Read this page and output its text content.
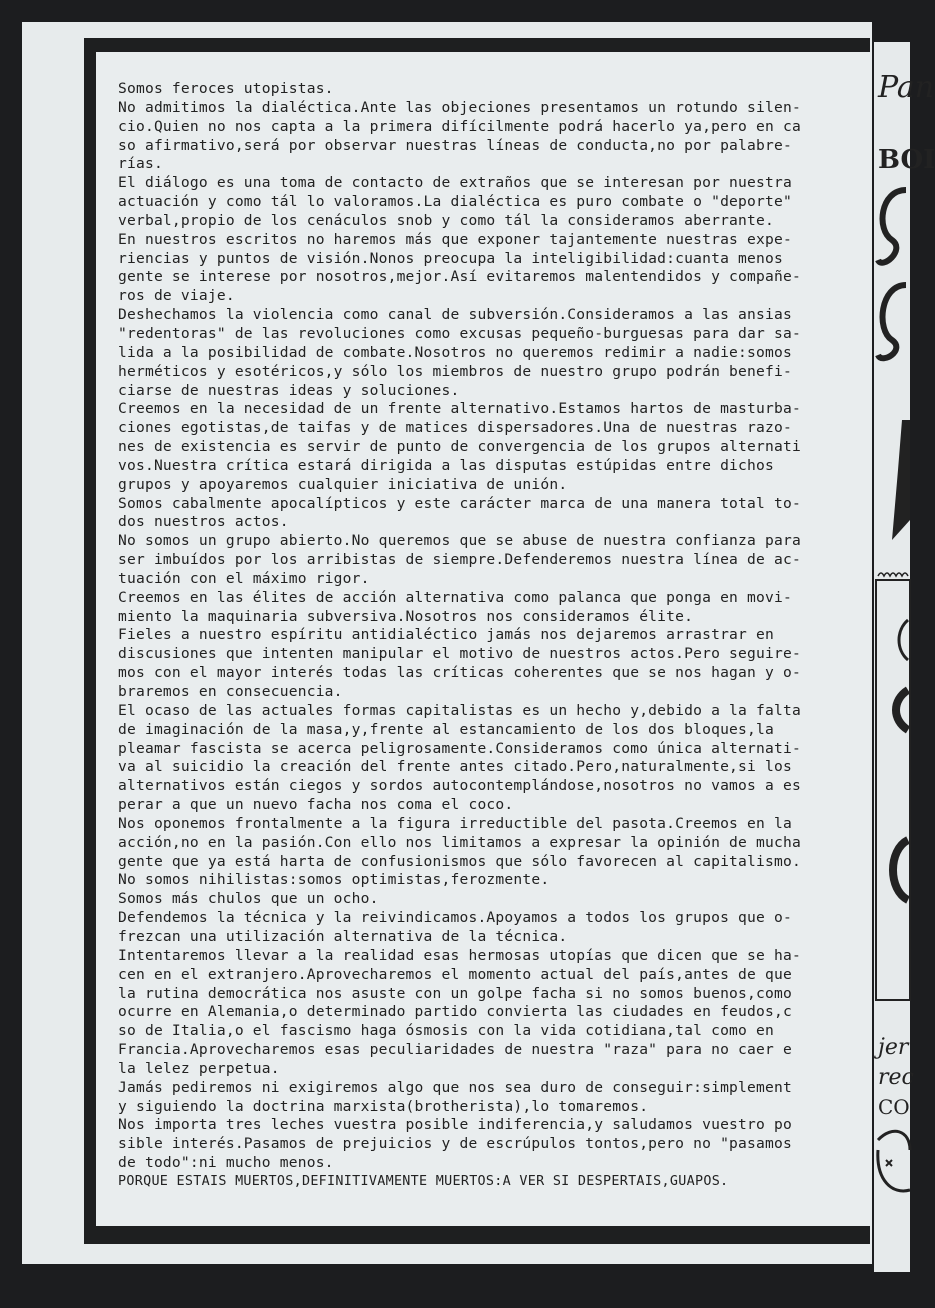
Somos feroces utopistas.
No admitimos la dialéctica.Ante las objeciones presentamos un rotundo silen-
cio.Quien no nos capta a la primera difícilmente podrá hacerlo ya,pero en ca
so afirmativo,será por observar nuestras líneas de conducta,no por palabre-
rías.
El diálogo es una toma de contacto de extraños que se interesan por nuestra
actuación y como tál lo valoramos.La dialéctica es puro combate o "deporte"
verbal,propio de los cenáculos snob y como tál la consideramos aberrante.
En nuestros escritos no haremos más que exponer tajantemente nuestras expe-
riencias y puntos de visión.Nonos preocupa la inteligibilidad:cuanta menos
gente se interese por nosotros,mejor.Así evitaremos malentendidos y compañe-
ros de viaje.
Deshechamos la violencia como canal de subversión.Consideramos a las ansias
"redentoras" de las revoluciones como excusas pequeño-burguesas para dar sa-
lida a la posibilidad de combate.Nosotros no queremos redimir a nadie:somos
herméticos y esotéricos,y sólo los miembros de nuestro grupo podrán benefi-
ciarse de nuestras ideas y soluciones.
Creemos en la necesidad de un frente alternativo.Estamos hartos de masturba-
ciones egotistas,de taifas y de matices dispersadores.Una de nuestras razo-
nes de existencia es servir de punto de convergencia de los grupos alternati
vos.Nuestra crítica estará dirigida a las disputas estúpidas entre dichos
grupos y apoyaremos cualquier iniciativa de unión.
Somos cabalmente apocalípticos y este carácter marca de una manera total to-
dos nuestros actos.
No somos un grupo abierto.No queremos que se abuse de nuestra confianza para
ser imbuídos por los arribistas de siempre.Defenderemos nuestra línea de ac-
tuación con el máximo rigor.
Creemos en las élites de acción alternativa como palanca que ponga en movi-
miento la maquinaria subversiva.Nosotros nos consideramos élite.
Fieles a nuestro espíritu antidialéctico jamás nos dejaremos arrastrar en
discusiones que intenten manipular el motivo de nuestros actos.Pero seguire-
mos con el mayor interés todas las críticas coherentes que se nos hagan y o-
braremos en consecuencia.
El ocaso de las actuales formas capitalistas es un hecho y,debido a la falta
de imaginación de la masa,y,frente al estancamiento de los dos bloques,la
pleamar fascista se acerca peligrosamente.Consideramos como única alternati-
va al suicidio la creación del frente antes citado.Pero,naturalmente,si los
alternativos están ciegos y sordos autocontemplándose,nosotros no vamos a es
perar a que un nuevo facha nos coma el coco.
Nos oponemos frontalmente a la figura irreductible del pasota.Creemos en la
acción,no en la pasión.Con ello nos limitamos a expresar la opinión de mucha
gente que ya está harta de confusionismos que sólo favorecen al capitalismo.
No somos nihilistas:somos optimistas,ferozmente.
Somos más chulos que un ocho.
Defendemos la técnica y la reivindicamos.Apoyamos a todos los grupos que o-
frezcan una utilización alternativa de la técnica.
Intentaremos llevar a la realidad esas hermosas utopías que dicen que se ha-
cen en el extranjero.Aprovecharemos el momento actual del país,antes de que
la rutina democrática nos asuste con un golpe facha si no somos buenos,como
ocurre en Alemania,o determinado partido convierta las ciudades en feudos,c
so de Italia,o el fascismo haga ósmosis con la vida cotidiana,tal como en
Francia.Aprovecharemos esas peculiaridades de nuestra "raza" para no caer e
la lelez perpetua.
Jamás pediremos ni exigiremos algo que nos sea duro de conseguir:simplement
y siguiendo la doctrina marxista(brotherista),lo tomaremos.
Nos importa tres leches vuestra posible indiferencia,y saludamos vuestro po
sible interés.Pasamos de prejuicios y de escrúpulos tontos,pero no "pasamos
de todo":ni mucho menos.
PORQUE ESTAIS MUERTOS,DEFINITIVAMENTE MUERTOS:A VER SI DESPERTAIS,GUAPOS.
Pan
BOI
jer
rec
CO
